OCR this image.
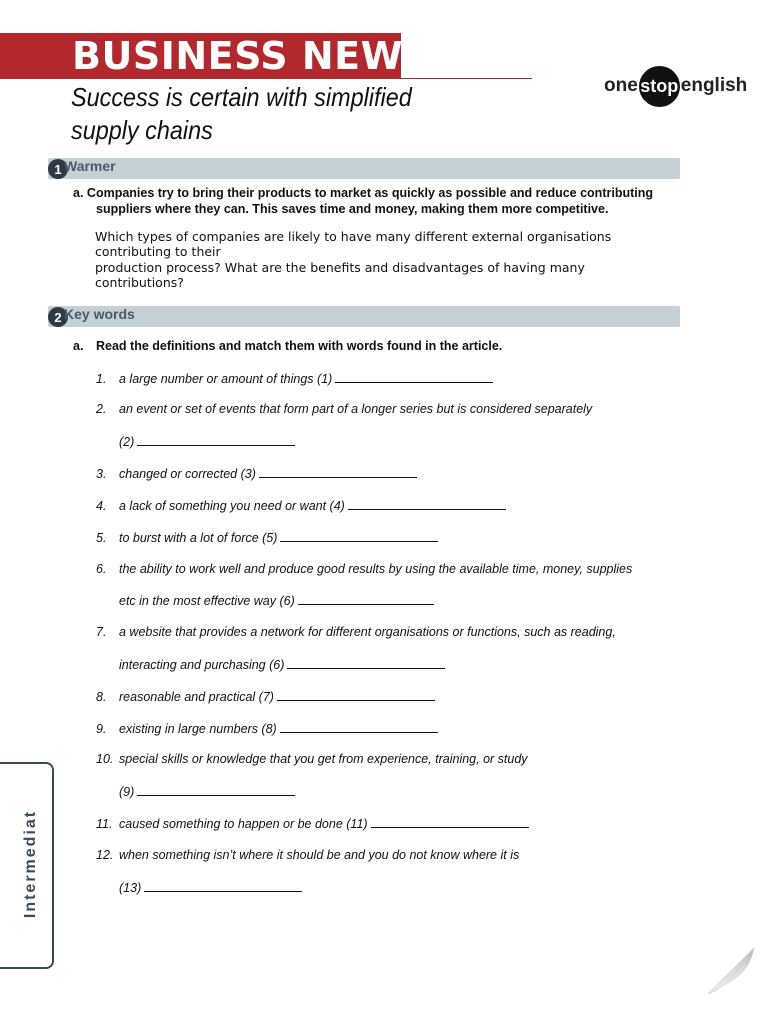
BUSINESS NEWS
one stop english
Success is certain with simplified
supply chains
1 Warmer
a. Companies try to bring their products to market as quickly as possible and reduce contributing
suppliers where they can. This saves time and money, making them more competitive.
Which types of companies are likely to have many different external organisations
contributing to their
production process? What are the benefits and disadvantages of having many
contributions?
2 Key words
a. Read the definitions and match them with words found in the article.
1. a large number or amount of things (1)
2. an event or set of events that form part of a longer series but is considered separately
(2)
3. changed or corrected (3)
4. a lack of something you need or want (4)
5. to burst with a lot of force (5)
6. the ability to work well and produce good results by using the available time, money, supplies
etc in the most effective way (6)
7. a website that provides a network for different organisations or functions, such as reading,
interacting and purchasing (6)
8. reasonable and practical (7)
9. existing in large numbers (8)
10. special skills or knowledge that you get from experience, training, or study
(9)
11. caused something to happen or be done (11)
12. when something isn’t where it should be and you do not know where it is
(13)
Intermediat
